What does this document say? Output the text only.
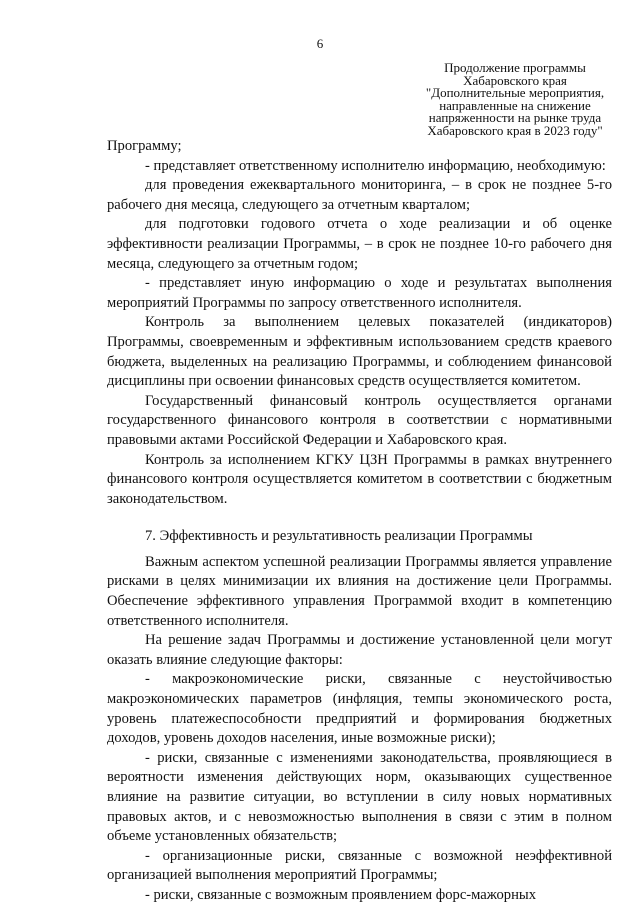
6
Продолжение программы
Хабаровского края
"Дополнительные мероприятия,
направленные на снижение
напряженности на рынке труда
Хабаровского края в 2023 году"

Программу;

- представляет ответственному исполнителю информацию, необходимую:

для проведения ежеквартального мониторинга, – в срок не позднее 5-го рабочего дня месяца, следующего за отчетным кварталом;

для подготовки годового отчета о ходе реализации и об оценке эффективности реализации Программы, – в срок не позднее 10-го рабочего дня месяца, следующего за отчетным годом;

- представляет иную информацию о ходе и результатах выполнения мероприятий Программы по запросу ответственного исполнителя.

Контроль за выполнением целевых показателей (индикаторов) Программы, своевременным и эффективным использованием средств краевого бюджета, выделенных на реализацию Программы, и соблюдением финансовой дисциплины при освоении финансовых средств осуществляется комитетом.

Государственный финансовый контроль осуществляется органами государственного финансового контроля в соответствии с нормативными правовыми актами Российской Федерации и Хабаровского края.

Контроль за исполнением КГКУ ЦЗН Программы в рамках внутреннего финансового контроля осуществляется комитетом в соответствии с бюджетным законодательством.

7. Эффективность и результативность реализации Программы

Важным аспектом успешной реализации Программы является управление рисками в целях минимизации их влияния на достижение цели Программы. Обеспечение эффективного управления Программой входит в компетенцию ответственного исполнителя.

На решение задач Программы и достижение установленной цели могут оказать влияние следующие факторы:

- макроэкономические риски, связанные с неустойчивостью макроэкономических параметров (инфляция, темпы экономического роста, уровень платежеспособности предприятий и формирования бюджетных доходов, уровень доходов населения, иные возможные риски);

- риски, связанные с изменениями законодательства, проявляющиеся в вероятности изменения действующих норм, оказывающих существенное влияние на развитие ситуации, во вступлении в силу новых нормативных правовых актов, и с невозможностью выполнения в связи с этим в полном объеме установленных обязательств;

- организационные риски, связанные с возможной неэффективной организацией выполнения мероприятий Программы;

- риски, связанные с возможным проявлением форс-мажорных
